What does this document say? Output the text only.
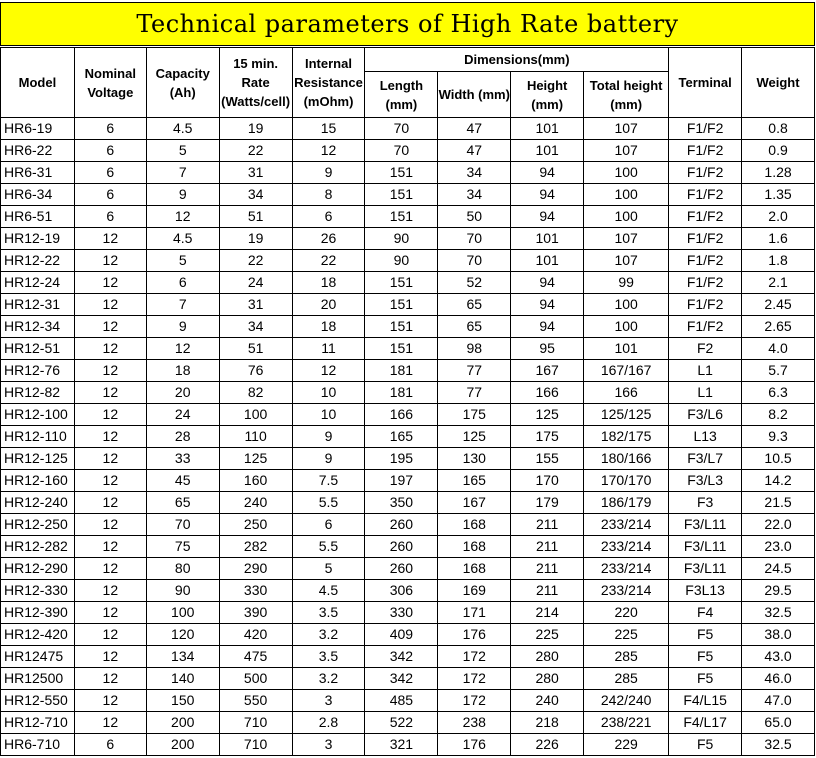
Technical parameters of High Rate battery
Model	Nominal Voltage	Capacity (Ah)	15 min. Rate (Watts/cell)	Internal Resistance (mOhm)	Dimensions(mm)				Terminal	Weight
					Length (mm)	Width (mm)	Height (mm)	Total height (mm)		
HR6-19	6	4.5	19	15	70	47	101	107	F1/F2	0.8
HR6-22	6	5	22	12	70	47	101	107	F1/F2	0.9
HR6-31	6	7	31	9	151	34	94	100	F1/F2	1.28
HR6-34	6	9	34	8	151	34	94	100	F1/F2	1.35
HR6-51	6	12	51	6	151	50	94	100	F1/F2	2.0
HR12-19	12	4.5	19	26	90	70	101	107	F1/F2	1.6
HR12-22	12	5	22	22	90	70	101	107	F1/F2	1.8
HR12-24	12	6	24	18	151	52	94	99	F1/F2	2.1
HR12-31	12	7	31	20	151	65	94	100	F1/F2	2.45
HR12-34	12	9	34	18	151	65	94	100	F1/F2	2.65
HR12-51	12	12	51	11	151	98	95	101	F2	4.0
HR12-76	12	18	76	12	181	77	167	167/167	L1	5.7
HR12-82	12	20	82	10	181	77	166	166	L1	6.3
HR12-100	12	24	100	10	166	175	125	125/125	F3/L6	8.2
HR12-110	12	28	110	9	165	125	175	182/175	L13	9.3
HR12-125	12	33	125	9	195	130	155	180/166	F3/L7	10.5
HR12-160	12	45	160	7.5	197	165	170	170/170	F3/L3	14.2
HR12-240	12	65	240	5.5	350	167	179	186/179	F3	21.5
HR12-250	12	70	250	6	260	168	211	233/214	F3/L11	22.0
HR12-282	12	75	282	5.5	260	168	211	233/214	F3/L11	23.0
HR12-290	12	80	290	5	260	168	211	233/214	F3/L11	24.5
HR12-330	12	90	330	4.5	306	169	211	233/214	F3L13	29.5
HR12-390	12	100	390	3.5	330	171	214	220	F4	32.5
HR12-420	12	120	420	3.2	409	176	225	225	F5	38.0
HR12475	12	134	475	3.5	342	172	280	285	F5	43.0
HR12500	12	140	500	3.2	342	172	280	285	F5	46.0
HR12-550	12	150	550	3	485	172	240	242/240	F4/L15	47.0
HR12-710	12	200	710	2.8	522	238	218	238/221	F4/L17	65.0
HR6-710	6	200	710	3	321	176	226	229	F5	32.5
